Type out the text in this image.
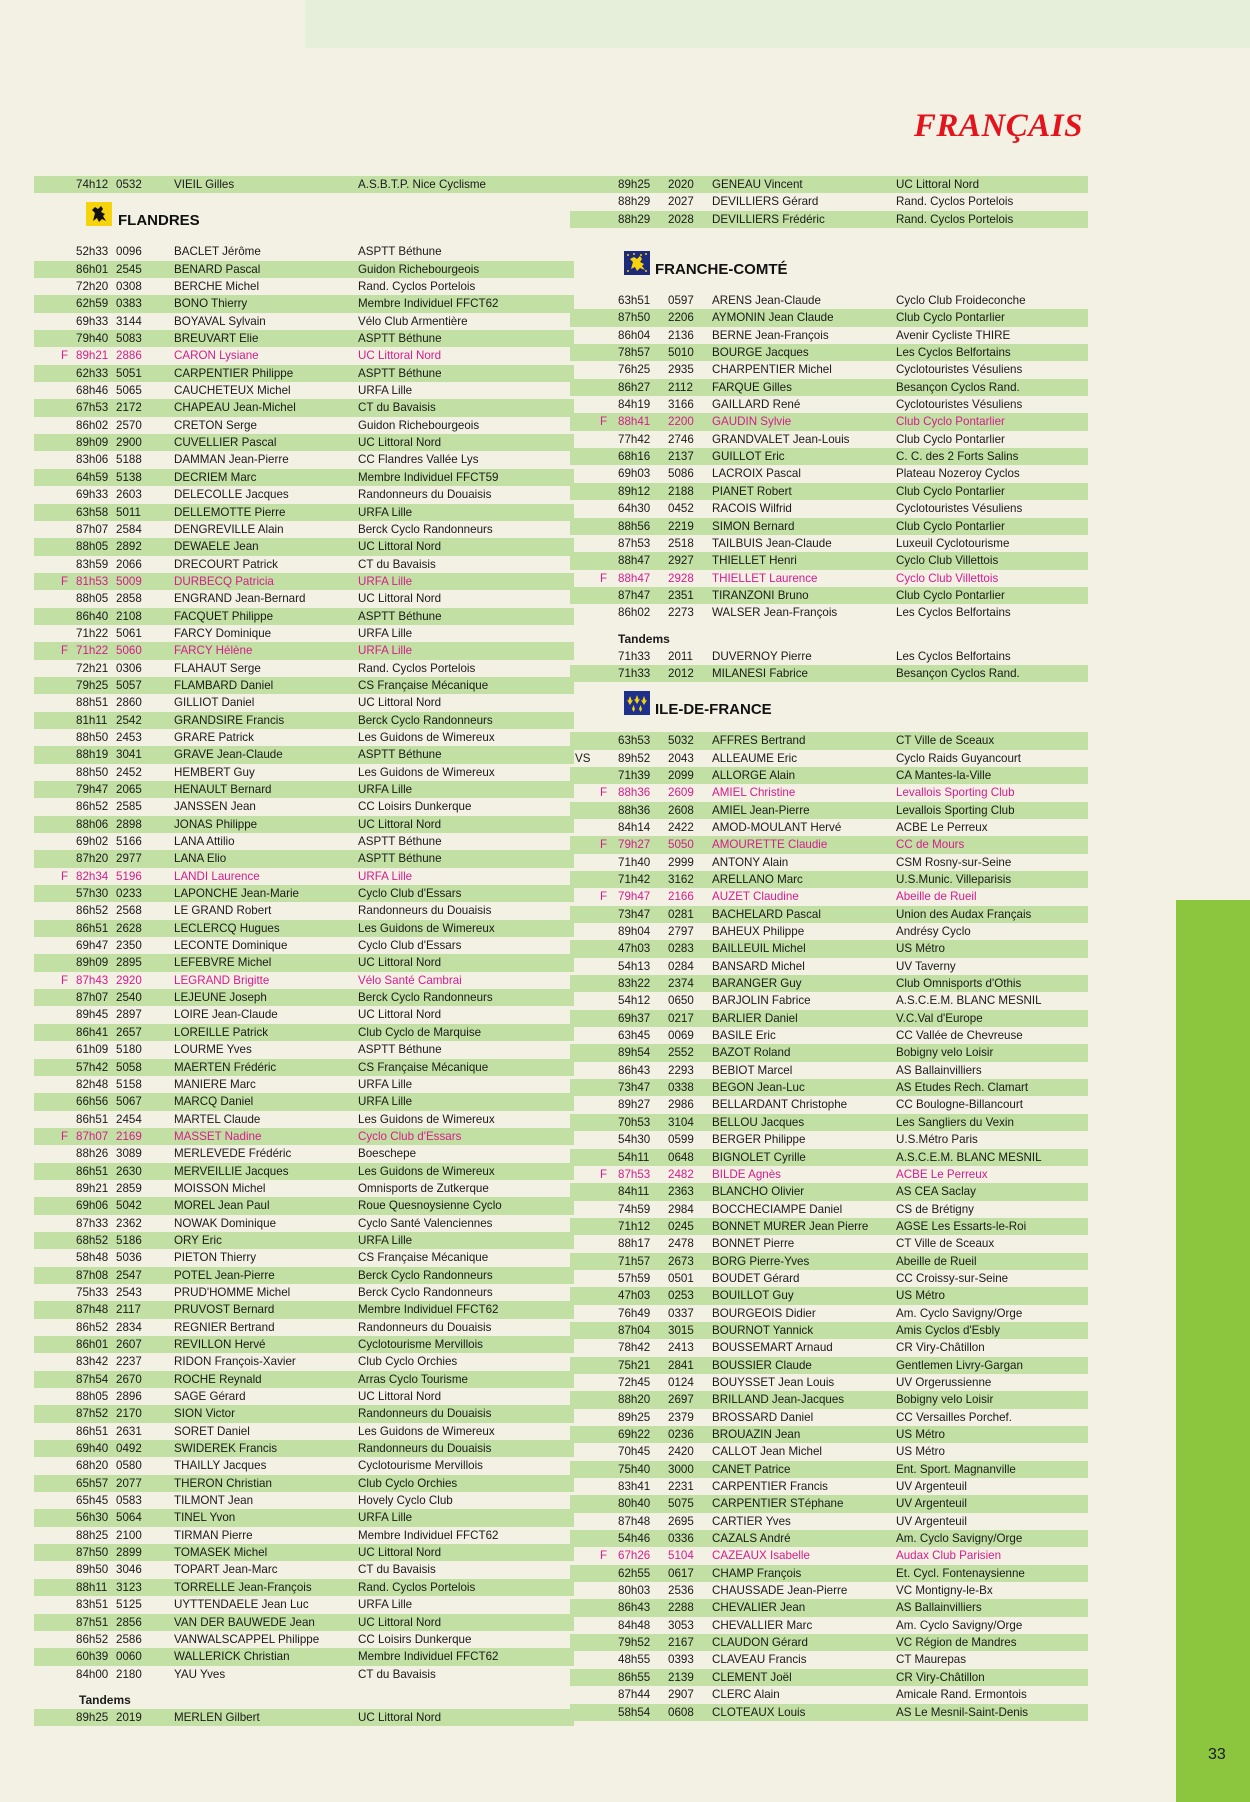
FRANÇAIS
74h12 0532	VIEIL Gilles	A.S.B.T.P. Nice Cyclisme
FLANDRES
52h33 0096	BACLET Jérôme	ASPTT Béthune
86h01 2545	BENARD Pascal	Guidon Richebourgeois
72h20 0308	BERCHE Michel	Rand. Cyclos Portelois
62h59 0383	BONO Thierry	Membre Individuel FFCT62
69h33 3144	BOYAVAL Sylvain	Vélo Club Armentière
79h40 5083	BREUVART Elie	ASPTT Béthune
F 89h21 2886	CARON Lysiane	UC Littoral Nord
62h33 5051	CARPENTIER Philippe	ASPTT Béthune
68h46 5065	CAUCHETEUX Michel	URFA Lille
67h53 2172	CHAPEAU Jean-Michel	CT du Bavaisis
86h02 2570	CRETON Serge	Guidon Richebourgeois
89h09 2900	CUVELLIER Pascal	UC Littoral Nord
83h06 5188	DAMMAN Jean-Pierre	CC Flandres Vallée Lys
64h59 5138	DECRIEM Marc	Membre Individuel FFCT59
69h33 2603	DELECOLLE Jacques	Randonneurs du Douaisis
63h58 5011	DELLEMOTTE Pierre	URFA Lille
87h07 2584	DENGREVILLE Alain	Berck Cyclo Randonneurs
88h05 2892	DEWAELE Jean	UC Littoral Nord
83h59 2066	DRECOURT Patrick	CT du Bavaisis
F 81h53 5009	DURBECQ Patricia	URFA Lille
88h05 2858	ENGRAND Jean-Bernard	UC Littoral Nord
86h40 2108	FACQUET Philippe	ASPTT Béthune
71h22 5061	FARCY Dominique	URFA Lille
F 71h22 5060	FARCY Hélène	URFA Lille
72h21 0306	FLAHAUT Serge	Rand. Cyclos Portelois
79h25 5057	FLAMBARD Daniel	CS Française Mécanique
88h51 2860	GILLIOT Daniel	UC Littoral Nord
81h11 2542	GRANDSIRE Francis	Berck Cyclo Randonneurs
88h50 2453	GRARE Patrick	Les Guidons de Wimereux
88h19 3041	GRAVE Jean-Claude	ASPTT Béthune
88h50 2452	HEMBERT Guy	Les Guidons de Wimereux
79h47 2065	HENAULT Bernard	URFA Lille
86h52 2585	JANSSEN Jean	CC Loisirs Dunkerque
88h06 2898	JONAS Philippe	UC Littoral Nord
69h02 5166	LANA Attilio	ASPTT Béthune
87h20 2977	LANA Elio	ASPTT Béthune
F 82h34 5196	LANDI Laurence	URFA Lille
57h30 0233	LAPONCHE Jean-Marie	Cyclo Club d'Essars
86h52 2568	LE GRAND Robert	Randonneurs du Douaisis
86h51 2628	LECLERCQ Hugues	Les Guidons de Wimereux
69h47 2350	LECONTE Dominique	Cyclo Club d'Essars
89h09 2895	LEFEBVRE Michel	UC Littoral Nord
F 87h43 2920	LEGRAND Brigitte	Vélo Santé Cambrai
87h07 2540	LEJEUNE Joseph	Berck Cyclo Randonneurs
89h45 2897	LOIRE Jean-Claude	UC Littoral Nord
86h41 2657	LOREILLE Patrick	Club Cyclo de Marquise
61h09 5180	LOURME Yves	ASPTT Béthune
57h42 5058	MAERTEN Frédéric	CS Française Mécanique
82h48 5158	MANIERE Marc	URFA Lille
66h56 5067	MARCQ Daniel	URFA Lille
86h51 2454	MARTEL Claude	Les Guidons de Wimereux
F 87h07 2169	MASSET Nadine	Cyclo Club d'Essars
88h26 3089	MERLEVEDE Frédéric	Boeschepe
86h51 2630	MERVEILLIE Jacques	Les Guidons de Wimereux
89h21 2859	MOISSON Michel	Omnisports de Zutkerque
69h06 5042	MOREL Jean Paul	Roue Quesnoysienne Cyclo
87h33 2362	NOWAK Dominique	Cyclo Santé Valenciennes
68h52 5186	ORY Eric	URFA Lille
58h48 5036	PIETON Thierry	CS Française Mécanique
87h08 2547	POTEL Jean-Pierre	Berck Cyclo Randonneurs
75h33 2543	PRUD'HOMME Michel	Berck Cyclo Randonneurs
87h48 2117	PRUVOST Bernard	Membre Individuel FFCT62
86h52 2834	REGNIER Bertrand	Randonneurs du Douaisis
86h01 2607	REVILLON Hervé	Cyclotourisme Mervillois
83h42 2237	RIDON François-Xavier	Club Cyclo Orchies
87h54 2670	ROCHE Reynald	Arras Cyclo Tourisme
88h05 2896	SAGE Gérard	UC Littoral Nord
87h52 2170	SION Victor	Randonneurs du Douaisis
86h51 2631	SORET Daniel	Les Guidons de Wimereux
69h40 0492	SWIDEREK Francis	Randonneurs du Douaisis
68h20 0580	THAILLY Jacques	Cyclotourisme Mervillois
65h57 2077	THERON Christian	Club Cyclo Orchies
65h45 0583	TILMONT Jean	Hovely Cyclo Club
56h30 5064	TINEL Yvon	URFA Lille
88h25 2100	TIRMAN Pierre	Membre Individuel FFCT62
87h50 2899	TOMASEK Michel	UC Littoral Nord
89h50 3046	TOPART Jean-Marc	CT du Bavaisis
88h11 3123	TORRELLE Jean-François	Rand. Cyclos Portelois
83h51 5125	UYTTENDAELE Jean Luc	URFA Lille
87h51 2856	VAN DER BAUWEDE Jean	UC Littoral Nord
86h52 2586	VANWALSCAPPEL Philippe	CC Loisirs Dunkerque
60h39 0060	WALLERICK Christian	Membre Individuel FFCT62
84h00 2180	YAU Yves	CT du Bavaisis
Tandems
89h25 2019	MERLEN Gilbert	UC Littoral Nord
89h25 2020 GENEAU Vincent	UC Littoral Nord
88h29 2027 DEVILLIERS Gérard	Rand. Cyclos Portelois
88h29 2028 DEVILLIERS Frédéric	Rand. Cyclos Portelois
FRANCHE-COMTÉ
63h51 0597 ARENS Jean-Claude	Cyclo Club Froideconche
87h50 2206 AYMONIN Jean Claude	Club Cyclo Pontarlier
86h04 2136 BERNE Jean-François	Avenir Cycliste THIRE
78h57 5010 BOURGE Jacques	Les Cyclos Belfortains
76h25 2935 CHARPENTIER Michel	Cyclotouristes Vésuliens
86h27 2112 FARQUE Gilles	Besançon Cyclos Rand.
84h19 3166 GAILLARD René	Cyclotouristes Vésuliens
F 88h41 2200 GAUDIN Sylvie	Club Cyclo Pontarlier
77h42 2746 GRANDVALET Jean-Louis	Club Cyclo Pontarlier
68h16 2137 GUILLOT Eric	C. C. des 2 Forts Salins
69h03 5086 LACROIX Pascal	Plateau Nozeroy Cyclos
89h12 2188 PIANET Robert	Club Cyclo Pontarlier
64h30 0452 RACOIS Wilfrid	Cyclotouristes Vésuliens
88h56 2219 SIMON Bernard	Club Cyclo Pontarlier
87h53 2518 TAILBUIS Jean-Claude	Luxeuil Cyclotourisme
88h47 2927 THIELLET Henri	Cyclo Club Villettois
F 88h47 2928 THIELLET Laurence	Cyclo Club Villettois
87h47 2351 TIRANZONI Bruno	Club Cyclo Pontarlier
86h02 2273 WALSER Jean-François	Les Cyclos Belfortains
Tandems
71h33 2011 DUVERNOY Pierre	Les Cyclos Belfortains
71h33 2012 MILANESI Fabrice	Besançon Cyclos Rand.
ILE-DE-FRANCE
63h53 5032 AFFRES Bertrand	CT Ville de Sceaux
VS 89h52 2043 ALLEAUME Eric	Cyclo Raids Guyancourt
71h39 2099 ALLORGE Alain	CA Mantes-la-Ville
F 88h36 2609 AMIEL Christine	Levallois Sporting Club
88h36 2608 AMIEL Jean-Pierre	Levallois Sporting Club
84h14 2422 AMOD-MOULANT Hervé	ACBE Le Perreux
F 79h27 5050 AMOURETTE Claudie	CC de Mours
71h40 2999 ANTONY Alain	CSM Rosny-sur-Seine
71h42 3162 ARELLANO Marc	U.S.Munic. Villeparisis
F 79h47 2166 AUZET Claudine	Abeille de Rueil
73h47 0281 BACHELARD Pascal	Union des Audax Français
89h04 2797 BAHEUX Philippe	Andrésy Cyclo
47h03 0283 BAILLEUIL Michel	US Métro
54h13 0284 BANSARD Michel	UV Taverny
83h22 2374 BARANGER Guy	Club Omnisports d'Othis
54h12 0650 BARJOLIN Fabrice	A.S.C.E.M. BLANC MESNIL
69h37 0217 BARLIER Daniel	V.C.Val d'Europe
63h45 0069 BASILE Eric	CC Vallée de Chevreuse
89h54 2552 BAZOT Roland	Bobigny velo Loisir
86h43 2293 BEBIOT Marcel	AS Ballainvilliers
73h47 0338 BEGON Jean-Luc	AS Etudes Rech. Clamart
89h27 2986 BELLARDANT Christophe	CC Boulogne-Billancourt
70h53 3104 BELLOU Jacques	Les Sangliers du Vexin
54h30 0599 BERGER Philippe	U.S.Métro Paris
54h11 0648 BIGNOLET Cyrille	A.S.C.E.M. BLANC MESNIL
F 87h53 2482 BILDE Agnès	ACBE Le Perreux
84h11 2363 BLANCHO Olivier	AS CEA Saclay
74h59 2984 BOCCHECIAMPE Daniel	CS de Brétigny
71h12 0245 BONNET MURER Jean Pierre	AGSE Les Essarts-le-Roi
88h17 2478 BONNET Pierre	CT Ville de Sceaux
71h57 2673 BORG Pierre-Yves	Abeille de Rueil
57h59 0501 BOUDET Gérard	CC Croissy-sur-Seine
47h03 0253 BOUILLOT Guy	US Métro
76h49 0337 BOURGEOIS Didier	Am. Cyclo Savigny/Orge
87h04 3015 BOURNOT Yannick	Amis Cyclos d'Esbly
78h42 2413 BOUSSEMART Arnaud	CR Viry-Châtillon
75h21 2841 BOUSSIER Claude	Gentlemen Livry-Gargan
72h45 0124 BOUYSSET Jean Louis	UV Orgerussienne
88h20 2697 BRILLAND Jean-Jacques	Bobigny velo Loisir
89h25 2379 BROSSARD Daniel	CC Versailles Porchef.
69h22 0236 BROUAZIN Jean	US Métro
70h45 2420 CALLOT Jean Michel	US Métro
75h40 3000 CANET Patrice	Ent. Sport. Magnanville
83h41 2231 CARPENTIER Francis	UV Argenteuil
80h40 5075 CARPENTIER STéphane	UV Argenteuil
87h48 2695 CARTIER Yves	UV Argenteuil
54h46 0336 CAZALS André	Am. Cyclo Savigny/Orge
F 67h26 5104 CAZEAUX Isabelle	Audax Club Parisien
62h55 0617 CHAMP François	Et. Cycl. Fontenaysienne
80h03 2536 CHAUSSADE Jean-Pierre	VC Montigny-le-Bx
86h43 2288 CHEVALIER Jean	AS Ballainvilliers
84h48 3053 CHEVALLIER Marc	Am. Cyclo Savigny/Orge
79h52 2167 CLAUDON Gérard	VC Région de Mandres
48h55 0393 CLAVEAU Francis	CT Maurepas
86h55 2139 CLEMENT Joël	CR Viry-Châtillon
87h44 2907 CLERC Alain	Amicale Rand. Ermontois
58h54 0608 CLOTEAUX Louis	AS Le Mesnil-Saint-Denis
33
